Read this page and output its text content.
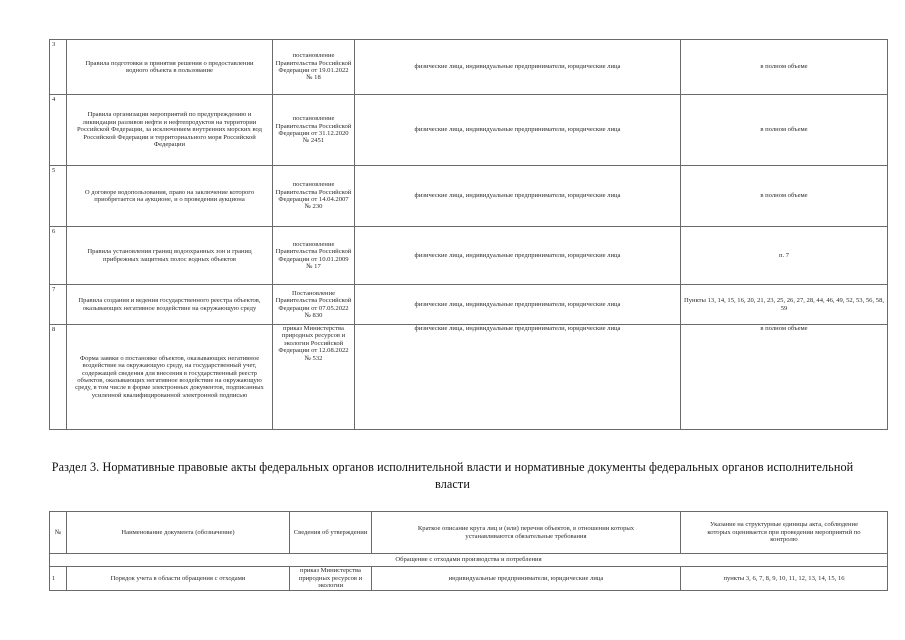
3	Правила подготовки и принятия решения о предоставлении водного объекта в пользование	постановление Правительства Российской Федерации от 19.01.2022 № 18	физические лица, индивидуальные предприниматели, юридические лица	в полном объеме
4	Правила организации мероприятий по предупреждению и ликвидации разливов нефти и нефтепродуктов на территории Российской Федерации, за исключением внутренних морских вод Российской Федерации и территориального моря Российской Федерации	постановление Правительства Российской Федерации от 31.12.2020 № 2451	физические лица, индивидуальные предприниматели, юридические лица	в полном объеме
5	О договоре водопользования, право на заключение которого приобретается на аукционе, и о проведении аукциона	постановление Правительства Российской Федерации от 14.04.2007 № 230	физические лица, индивидуальные предприниматели, юридические лица	в полном объеме
6	Правила установления границ водоохранных зон и границ прибрежных защитных полос водных объектов	постановление Правительства Российской Федерации от 10.01.2009 № 17	физические лица, индивидуальные предприниматели, юридические лица	п. 7
7	Правила создания и ведения государственного реестра объектов, оказывающих негативное воздействие на окружающую среду	Постановление Правительства Российской Федерации от 07.05.2022 № 830	физические лица, индивидуальные предприниматели, юридические лица	Пункты 13, 14, 15, 16, 20, 21, 23, 25, 26, 27, 28, 44, 46, 49, 52, 53, 56, 58, 59
8	Форма заявки о постановке объектов, оказывающих негативное воздействие на окружающую среду, на государственный учет, содержащей сведения для внесения в государственный реестр объектов, оказывающих негативное воздействие на окружающую среду, в том числе в форме электронных документов, подписанных усиленной квалифицированной электронной подписью	приказ Министерства природных ресурсов и экологии Российской Федерации от 12.08.2022 № 532	физические лица, индивидуальные предприниматели, юридические лица	в полном объеме
Раздел 3. Нормативные правовые акты федеральных органов исполнительной власти и нормативные документы федеральных органов исполнительной власти
№	Наименование документа (обозначение)	Сведения об утверждении	Краткое описание круга лиц и (или) перечня объектов, в отношении которых устанавливаются обязательные требования	Указание на структурные единицы акта, соблюдение которых оценивается при проведении мероприятий по контролю
Обращение с отходами производства и потребления				
1	Порядок учета в области обращения с отходами	приказ Министерства природных ресурсов и экологии	индивидуальные предприниматели, юридические лица	пункты 3, 6, 7, 8, 9, 10, 11, 12, 13, 14, 15, 16
